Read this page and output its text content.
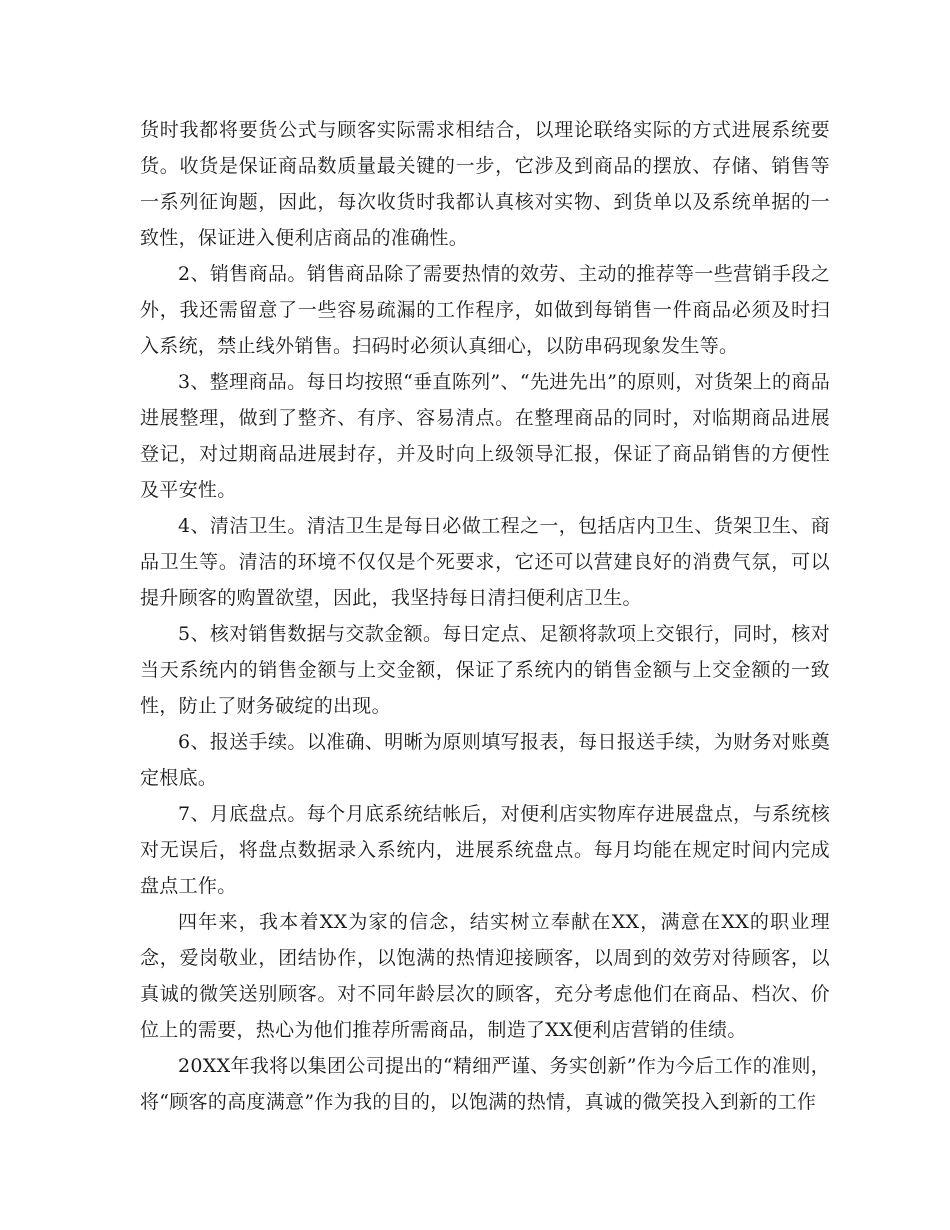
货时我都将要货公式与顾客实际需求相结合，以理论联络实际的方式进展系统要货。收货是保证商品数质量最关键的一步，它涉及到商品的摆放、存储、销售等一系列征询题，因此，每次收货时我都认真核对实物、到货单以及系统单据的一致性，保证进入便利店商品的准确性。

2、销售商品。销售商品除了需要热情的效劳、主动的推荐等一些营销手段之外，我还需留意了一些容易疏漏的工作程序，如做到每销售一件商品必须及时扫入系统，禁止线外销售。扫码时必须认真细心，以防串码现象发生等。

3、整理商品。每日均按照“垂直陈列”、“先进先出”的原则，对货架上的商品进展整理，做到了整齐、有序、容易清点。在整理商品的同时，对临期商品进展登记，对过期商品进展封存，并及时向上级领导汇报，保证了商品销售的方便性及平安性。

4、清洁卫生。清洁卫生是每日必做工程之一，包括店内卫生、货架卫生、商品卫生等。清洁的环境不仅仅是个死要求，它还可以营建良好的消费气氛，可以提升顾客的购置欲望，因此，我坚持每日清扫便利店卫生。

5、核对销售数据与交款金额。每日定点、足额将款项上交银行，同时，核对当天系统内的销售金额与上交金额，保证了系统内的销售金额与上交金额的一致性，防止了财务破绽的出现。

6、报送手续。以准确、明晰为原则填写报表，每日报送手续，为财务对账奠定根底。

7、月底盘点。每个月底系统结帐后，对便利店实物库存进展盘点，与系统核对无误后，将盘点数据录入系统内，进展系统盘点。每月均能在规定时间内完成盘点工作。

四年来，我本着XX为家的信念，结实树立奉献在XX，满意在XX的职业理念，爱岗敬业，团结协作，以饱满的热情迎接顾客，以周到的效劳对待顾客，以真诚的微笑送别顾客。对不同年龄层次的顾客，充分考虑他们在商品、档次、价位上的需要，热心为他们推荐所需商品，制造了XX便利店营销的佳绩。

20XX年我将以集团公司提出的“精细严谨、务实创新”作为今后工作的准则，将“顾客的高度满意”作为我的目的，以饱满的热情，真诚的微笑投入到新的工作
